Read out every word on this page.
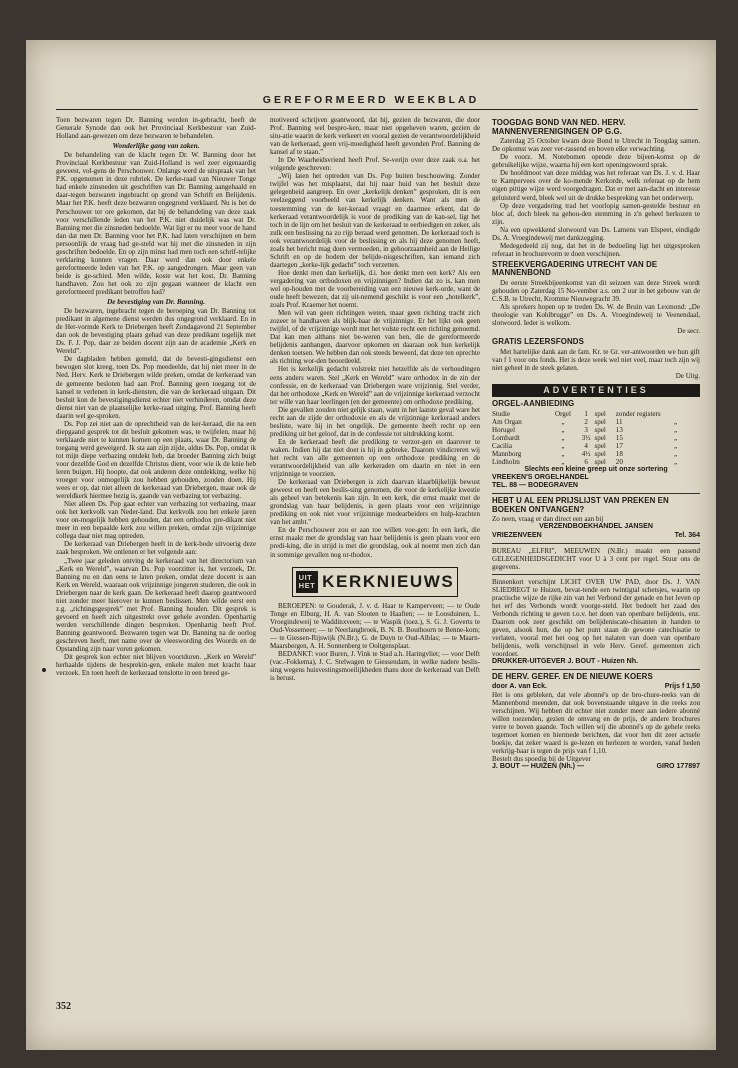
GEREFORMEERD WEEKBLAD

Toen bezwaren tegen Dr. Banning werden in-gebracht, heeft de Generale Synode dan ook het Provinciaal Kerkbestuur van Zuid-Holland aan-gewezen om deze bezwaren te behandelen.

Wonderlijke gang van zaken.

De behandeling van de klacht tegen Dr. W. Banning door het Provinciaal Kerkbestuur van Zuid-Holland is wel zeer eigenaardig geweest, vol-gens de Perschouwer. Onlangs werd de uitspraak van het P.K. opgenomen in deze rubriek. De kerke-raad van Nieuwer Tonge had enkele zinsneden uit geschriften van Dr. Banning aangehaald en daar-tegen bezwaren ingebracht op grond van Schrift en Belijdenis. Maar het P.K. heeft deze bezwaren ongegrond verklaard. Nu is het de Perschouwer ter ore gekomen, dat bij de behandeling van deze zaak voor verschillende leden van het P.K. niet duidelijk was wat Dr. Banning met die zinsneden bedoelde. Wat ligt er nu meer voor de hand dan dat men Dr. Banning voor het P.K. had laten verschijnen en hem persoonlijk de vraag had ge-steld wat hij met die zinsneden in zijn geschriften bedoelde. En op zijn minst had men toch een schrif-telijke verklaring kunnen vragen. Daar werd dan ook door enkele gereformeerde leden van het P.K. op aangedrongen. Maar geen van beide is ge-schied. Men wilde, koste wat het kost, Dr. Banning handhaven. Zou het ook zo zijn gegaan wanneer de klacht een gereformeerd predikant betroffen had?

De bevestiging van Dr. Banning.

De bezwaren, ingebracht tegen de beroeping van Dr. Banning tot predikant in algemene dienst werden dus ongegrond verklaard. En in de Her-vormde Kerk te Driebergen heeft Zondagavond 21 September dan ook de bevestiging plaats gehad van deze predikant tegelijk met Ds. F. J. Pop, daar ze beiden docent zijn aan de academie „Kerk en Wereld”.

De dagbladen hebben gemeld, dat de bevesti-gingsdienst een bewogen slot kreeg, toen Ds. Pop meedeelde, dat hij niet meer in de Ned. Herv. Kerk te Driebergen wilde preken, omdat de kerkeraad van de gemeente besloten had aan Prof. Banning geen toegang tot de kansel te verlenen in kerk-diensten, die van de kerkeraad uitgaan. Dit besluit kon de bevestigingsdienst echter niet verhinderen, omdat deze dienst niet van de plaatselijke kerke-raad uitging. Prof. Banning heeft daarin wel ge-sproken.

Ds. Pop zei niet aan de oprechtheid van de ker-keraad, die na een diepgaand gesprek tot dit besluit gekomen was, te twijfelen, maar hij verklaarde niet te kunnen komen op een plaats, waar Dr. Banning de toegang werd geweigerd. Ik sta aan zijn zijde, aldus Ds. Pop, omdat ik tot mijn diepe verbazing ontdekt heb, dat broeder Banning zich buigt voor dezelfde God en dezelfde Christus dient, voor wie ik de knie heb leren buigen. Hij hoopte, dat ook anderen deze ontdekking, welke hij vroeger voor onmogelijk zou hebben gehouden, zouden doen. Hij wees er op, dat niet alleen de kerkeraad van Driebergen, maar ook de wereldkerk hiermee bezig is, gaande van verbazing tot verbazing.

Niet alleen Ds. Pop gaat echter van verbazing tot verbazing, maar ook het kerkvolk van Neder-land. Dat kerkvolk zou het enkele jaren voor on-mogelijk hebben gehouden, dat een orthodox pre-dikant niet meer in een bepaalde kerk zou willen preken, omdat zijn vrijzinnige collega daar niet mag optreden.

De kerkeraad van Driebergen heeft in de kerk-bode uitvoerig deze zaak besproken. We ontlenen er het volgende aan:

„Twee jaar geleden ontving de kerkeraad van het directorium van „Kerk en Wereld”, waarvan Ds. Pop voorzitter is, het verzoek, Dr. Banning nu en dan eens te laten preken, omdat deze docent is aan Kerk en Wereld, waaraan ook vrijzinnige jongeren studeren, die ook in Driebergen naar de kerk gaan. De kerkeraad heeft daarop geantwoord niet zonder meer hierover te kunnen beslissen. Men wilde eerst een z.g. „richtingsgesprek” met Prof. Banning houden. Dit gesprek is gevoerd en heeft zich uitgestrekt over gehele avonden. Openhartig werden verschillende dingen besproken. Openhartig heeft Prof. Banning geantwoord. Bezwaren tegen wat Dr. Banning na de oorlog geschreven heeft, met name over de vleeswording des Woords en de Opstanding zijn naar voren gekomen.

Dit gesprek kon echter niet blijven voortduren. „Kerk en Wereld” herhaalde tijdens de besprekin-gen, enkele malen met kracht haar verzoek. En toen heeft de kerkeraad tenslotte in een breed ge-

motiveerd schrijven geantwoord, dat hij, gezien de bezwaren, die door Prof. Banning wel bespro-ken, maar niet opgeheven waren, gezien de situ-atie waarin de kerk verkeert en vooral gezien de verantwoordelijkheid van de kerkeraad, geen vrij-moedigheid heeft gevonden Prof. Banning de kansel af te staan.”

In De Waarheidsvriend heeft Prof. Se-verijn over deze zaak o.a. het volgende geschreven:

„Wij laten het optreden van Ds. Pop buiten beschouwing. Zonder twijfel was het misplaatst, dat hij naar huid van het besluit deze gelegenheid aangreep. En over „kerkelijk denken” gesproken, dit is een veelzeggend voorbeeld van kerkelijk denken. Want als men de toestemming van de ker-keraad vraagt en daarmee erkent, dat de kerkeraad verantwoordelijk is voor de prediking van de kan-sel, ligt het toch in de lijn om het besluit van de kerkeraad te eerbiedigen en zeker, als zulk een beslissing na zo rijp beraad werd genomen. De kerkeraad toch is ook verantwoordelijk voor de beslissing en als hij deze genomen heeft, zoals het bericht mag doen vermoeden, in gehoorzaamheid aan de Heilige Schrift en op de bodem der belijde-nisgeschriften, kan iemand zich daartegen „kerke-lijk gedacht” toch verzetten.

Hoe denkt men dan kerkelijk, d.i. hoe denkt men een kerk? Als een vergadering van orthodoxen en vrijzinnigen? Indien dat zo is, kan men wel op-houden met de voorbereiding van een nieuwe kerk-orde, want de oude heeft bewezen, dat zij uit-nemend geschikt is voor een „hotelkerk”, zoals Prof. Kraemer het noemt.

Men wil van geen richtingen weten, maar geen richting tracht zich zozeer te handhaven als blijk-baar de vrijzinnige. Er het lijkt ook geen twijfel, of de vrijzinnige wordt met het volste recht een richting genoemd. Dat kan men althans niet be-weren van hen, die de gereformeerde belijdenis aanhangen, daarvoor opkomen en daaraan ook hun kerkelijk denken toetsen. We hebben dan ook steeds beweerd, dat deze ten oprechte als richting wor-den beoordeeld.

Het is kerkelijk gedacht volstrekt niet hetzelfde als de verhoudingen eens anders waren. Stel „Kerk en Wereld” ware orthodox in de zin der confessie, en de kerkeraad van Driebergen ware vrijzinnig. Stel verder, dat het orthodoxe „Kerk en Wereld” aan de vrijzinnige kerkeraad verzocht ter wille van haar leerlingen (en der gemeente) om orthodoxe prediking.

Die gevallen zouden niet gelijk staan, want in het laatste geval ware het recht aan de zijde der orthodoxie en als de vrijzinnige kerkeraad anders besliste, ware hij in het ongelijk. De gemeente heeft recht op een prediking uit het geloof, dat in de confessie tot uitdrukking komt.

En de kerkeraad heeft die prediking te verzor-gen en daarover te waken. Indien hij dat niet doet is hij in gebreke. Daarom vindicreren wij het recht van alle gemeenten op een orthodoxe prediking en de verantwoordelijkheid van alle kerkeraden om daarin en niet in een vrijzinnige te voorzien.

De kerkeraad van Driebergen is zich daarvan klaarblijkelijk bewust geweest en heeft een beslis-sing genomen, die voor de kerkelijke kwestie als geheel van betekenis kan zijn. In een kerk, die ernst maakt met de grondslag van haar belijdenis, is geen plaats voor een vrijzinnige prediking en ook niet voor vrijzinnige medearbeiders en hulp-krachten van het ambt.”

En de Perschouwer zou er aan toe willen voe-gen: In een kerk, die ernst maakt met de grondslag van haar belijdenis is geen plaats voor een predi-king, die in strijd is met die grondslag, ook al noemt men zich dan in sommige gevallen nog or-thodox.

UIT HET KERKNIEUWS

BEROEPEN: te Gouderak, J. v. d. Haar te Kamperveen; — te Oude Tonge en Elburg, H. A. van Slooten te Haaften; — te Loosduinen, L. Vroegindeweij te Waddinxveen; — te Waspik (toez.), S. G. J. Goverts te Oud-Vossemeer; — te Neerlangbroek, B. N. B. Bouthoorn te Benne-kom; — te Giessen-Rijswijk (N.Br.), G. de Duyn te Oud-Alblas; — te Maarn-Maarsbergen, A. H. Sonnenberg te Ooltgensplaat.

BEDANKT: voor Buren, J. Vink te Stad a.h. Haringvliet; — voor Delft (vac.-Fokkema), J. C. Stelwagen te Giessendam, in welke nadere beslis-sing wegens huisvestingsmoeilijkheden thans door de kerkeraad van Delft is berust.

TOOGDAG BOND VAN NED. HERV. MANNENVERENIGINGEN OP G.G.

Zaterdag 25 October kwam deze Bond te Utrecht in Toogdag samen. De opkomst was zeer ver-rassend en boven elke verwachting.

De voorz. M. Notebomen opende deze bijeen-komst op de gebruikelijke wijze, waarna hij een kort openingswoord sprak.

De hoofdmoot van deze middag was het referaat van Ds. J. v. d. Haar te Kampervees over de ko-mende Kerkorde, welk referaat op de hem eigen pittige wijze werd voorgedragen. Dat er met aan-dacht en interesse geluisterd werd, bleek wel uit de drukke bespreking van het onderwerp.

Op deze vergadering trad het voorlopig samen-gestelde bestuur en bloc af, doch bleek na gehou-den stemming in z'n geheel herkozen te zijn.

Na een opwekkend slotwoord van Ds. Lamens van Elspeet, eindigde Ds. A. Vroegindeweij met dankzegging.

Medegedeeld zij nog, dat het in de bedoeling ligt het uitgesproken referaat in brochurevorm te doen verschijnen.

STREEKVERGADERING UTRECHT VAN DE MANNENBOND

De eerste Streekbijeenkomst van dit seizoen van deze Streek wordt gehouden op Zaterdag 15 No-vember a.s. om 2 uur in het gebouw van de C.S.B. te Utrecht, Kromme Nieuwegracht 39.

Als sprekers hopen op te treden Ds. W. de Bruin van Lexmond: „De theologie van Kohlbrugge” en Ds. A. Vroegindeweij te Veenendaal, slotwoord. Ieder is welkom.

De secr.
GRATIS LEZERSFONDS

Met hartelijke dank aan de fam. Kr. te Gr. ver-antwoorden we hun gift van f 1 voor ons fonds. Het is deze week wel niet veel, maar toch zijn wij niet geheel in de steek gelaten.

De Uitg.
ADVERTENTIES
ORGEL-AANBIEDING
Studie	Orgel	1	spel	zonder registers	
Am Organ	„	2	spel	11	„
Horugel	„	3	spel	13	„
Lombardt	„	3½	spel	15	„
Cacilia	„	4	spel	17	„
Mannborg	„	4½	spel	18	„
Lindholm	„	6	spel	20	„
Slechts een kleine greep uit onze sortering
VREEKEN'S ORGELHANDEL
TEL. 88 — BODEGRAVEN
HEBT U AL EEN PRIJSLIJST VAN PREKEN EN BOEKEN ONTVANGEN?

Zo neen, vraag er dan direct een aan bij

VERZENDBOEKHANDEL JANSEN
VRIEZENVEEN	Tel. 364

BUREAU „ELFRI”, MEEUWEN (N.Br.) maakt een passend GELEGENHEIDSGEDICHT voor U à 3 cent per regel. Stuur ons de gegevens.

Binnenkort verschijnt LICHT OVER UW PAD, door Ds. J. VAN SLIEDREGT te Huizen, bevat-tende een twintigtal schetsjes, waarin op practische wijze de rijke zin van het Verbond der genade en het leven op het erf des Verbonds wordt voorge-steld. Het bedoelt het zaad des Verbonds richting te geven t.o.v. het doen van openbare belijdenis, enz. Daarom ook zeer geschikt om belijdeniscate-chisanten in handen te geven, alsook hun, die op het punt staan de gewone catechisatie te verlaten, vooral met het oog op het nalaten van doen van openbare belijdenis, welk verschijnsel in vele Herv. Geref. gemeenten zich voordoet.

DRUKKER-UITGEVER J. BOUT - Huizen Nh.
DE HERV. GEREF. EN DE NIEUWE KOERS
door A. van Eck.	Prijs f 1,50

Het is ons gebleken, dat vele abonné's op de bro-chure-reeks van de Mannenbond meenden, dat ook bovenstaande uitgave in die reeks zou verschijnen. Wij hebben dit echter niet zonder meer aan iedere abonné willen toezenden, gezien de omvang en de prijs, de andere brochures verre te boven gaande. Toch willen wij die abonné's op de gehele reeks tegemoet komen en hiermede berichten, dat voor hen dit zeer actuele boekje, dat zeker waard is ge-lezen en herlezen te worden, vanaf heden verkrijg-baar is tegen de prijs van f 1,10.

Bestelt dus spoedig bij de Uitgever

J. BOUT — HUIZEN (Nh.) —	GIRO 177897
352
